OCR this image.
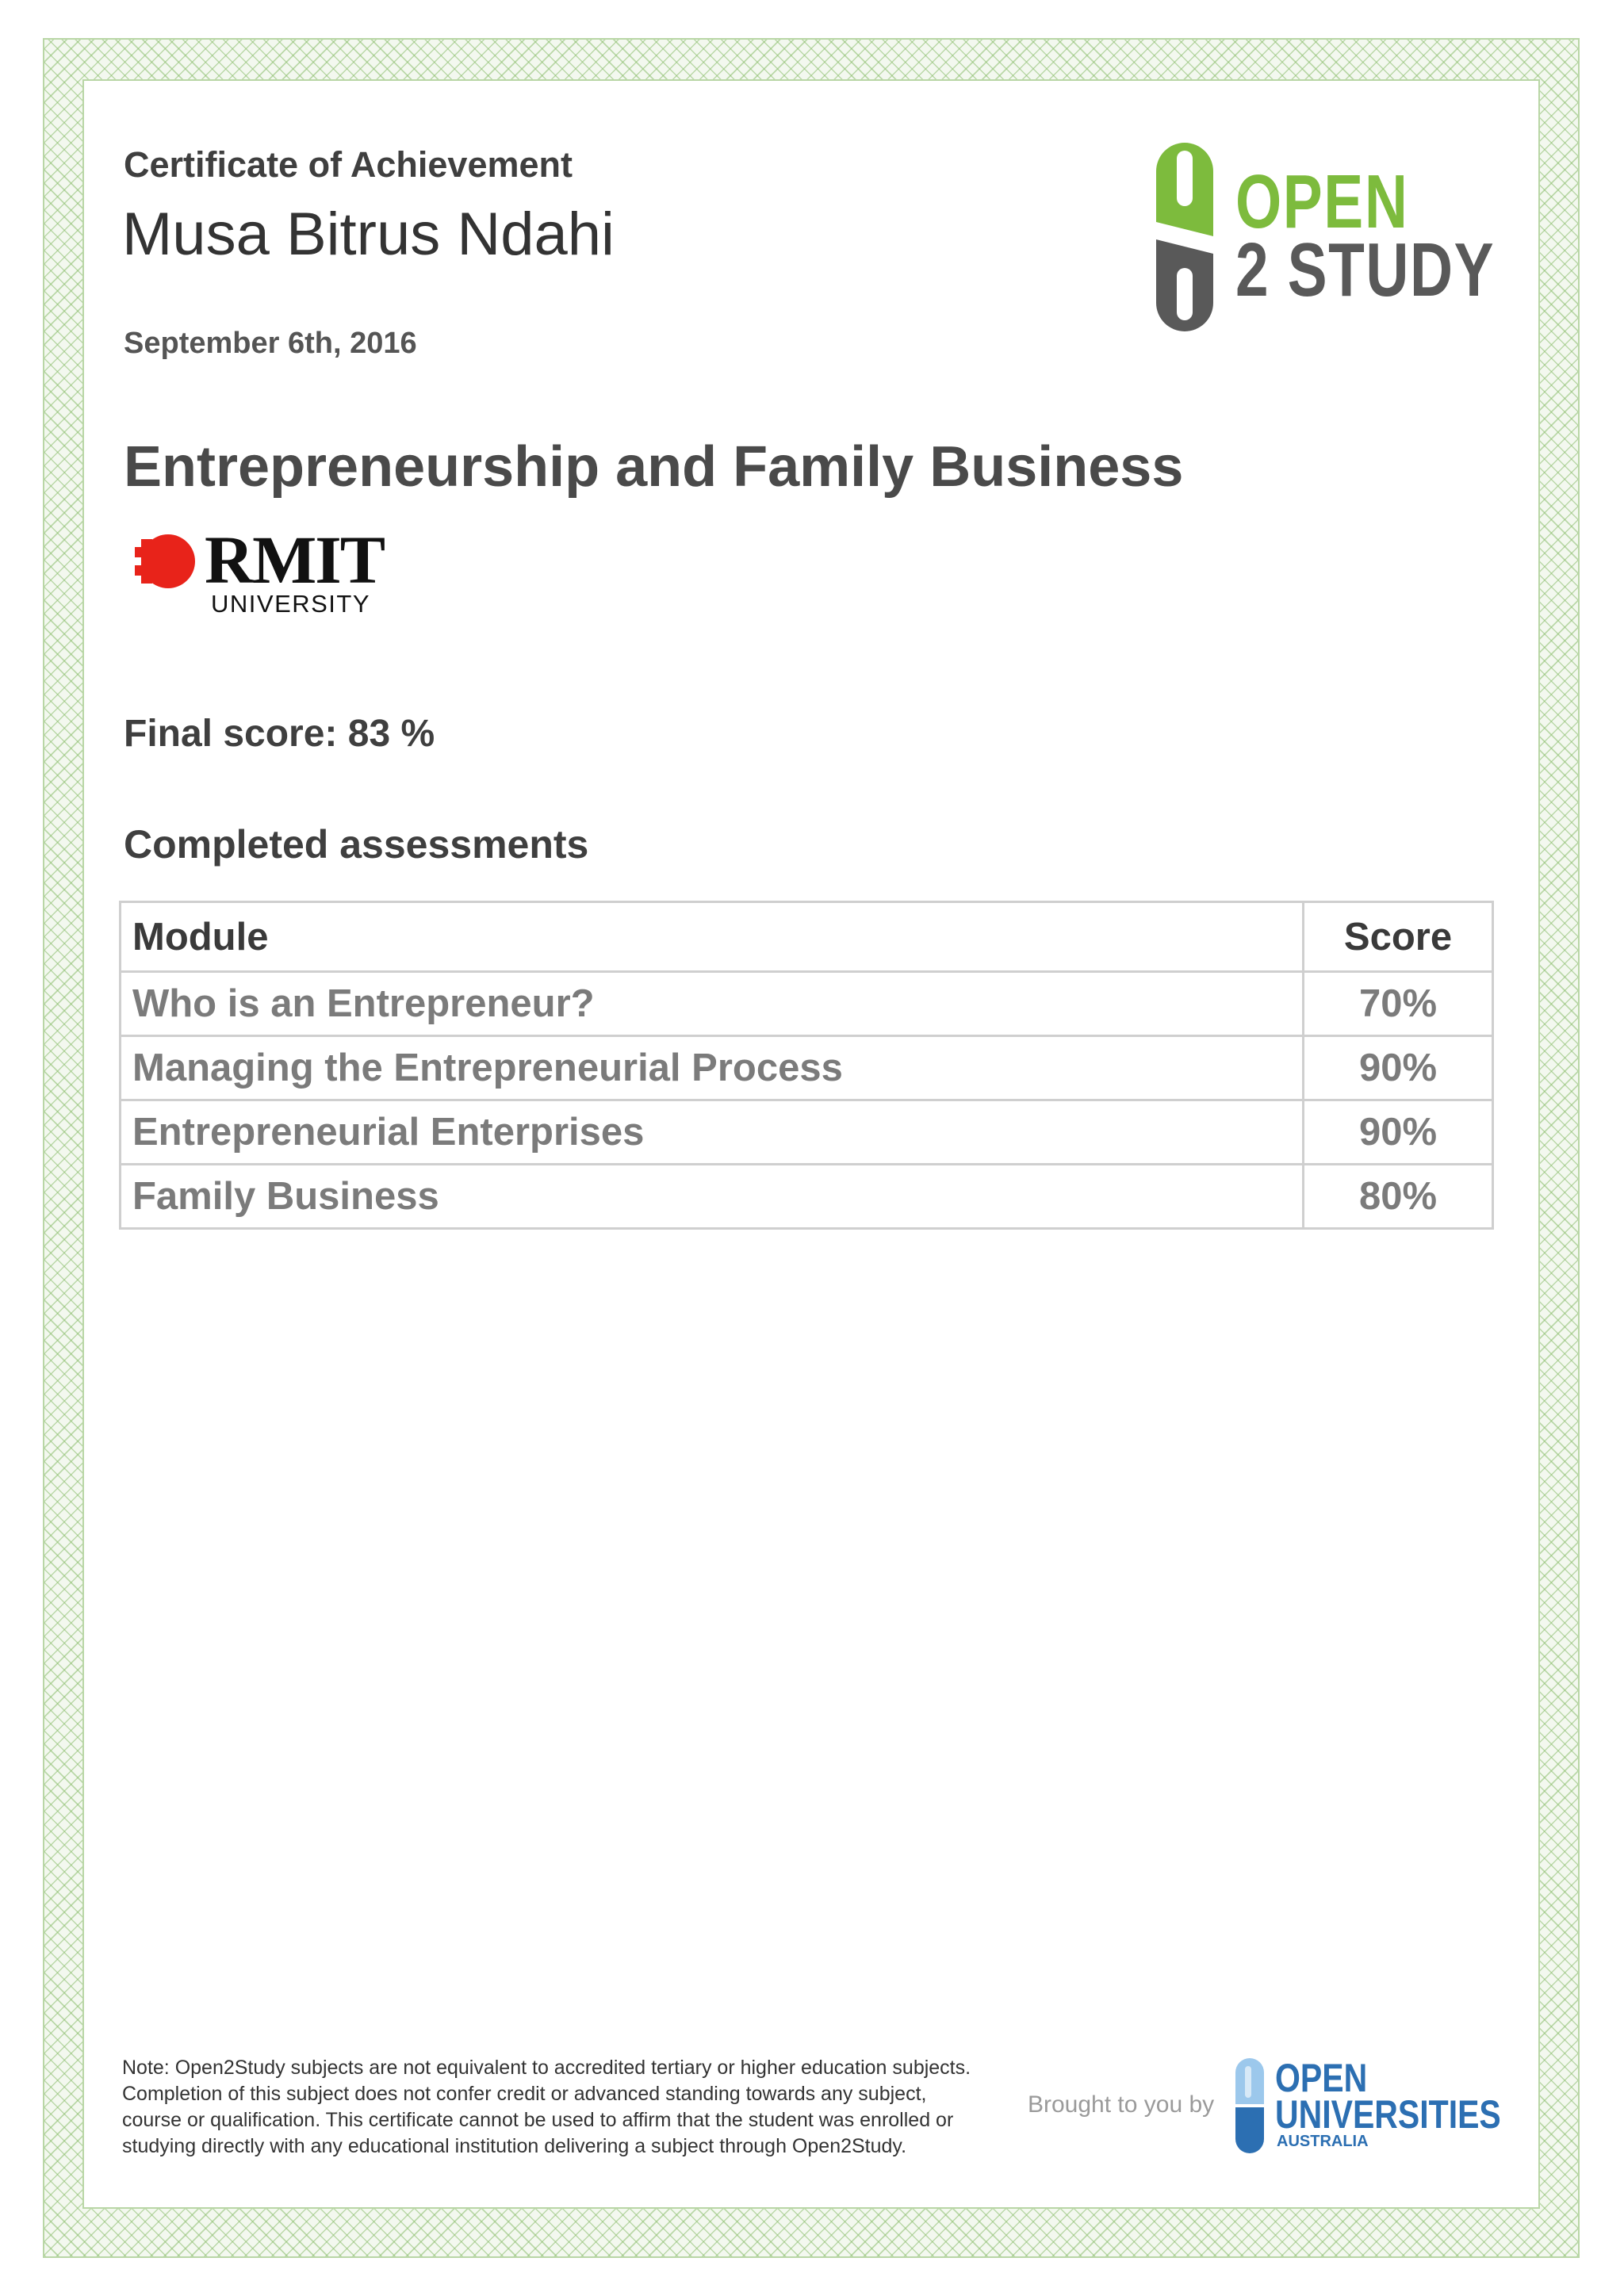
Certificate of Achievement
Musa Bitrus Ndahi
September 6th, 2016
OPEN
2 STUDY
Entrepreneurship and Family Business
RMIT
UNIVERSITY
Final score: 83 %
Completed assessments
Module	Score
Who is an Entrepreneur?	70%
Managing the Entrepreneurial Process	90%
Entrepreneurial Enterprises	90%
Family Business	80%
Note: Open2Study subjects are not equivalent to accredited tertiary or higher education subjects. Completion of this subject does not confer credit or advanced standing towards any subject, course or qualification. This certificate cannot be used to affirm that the student was enrolled or studying directly with any educational institution delivering a subject through Open2Study.
Brought to you by
OPEN
UNIVERSITIES
AUSTRALIA
